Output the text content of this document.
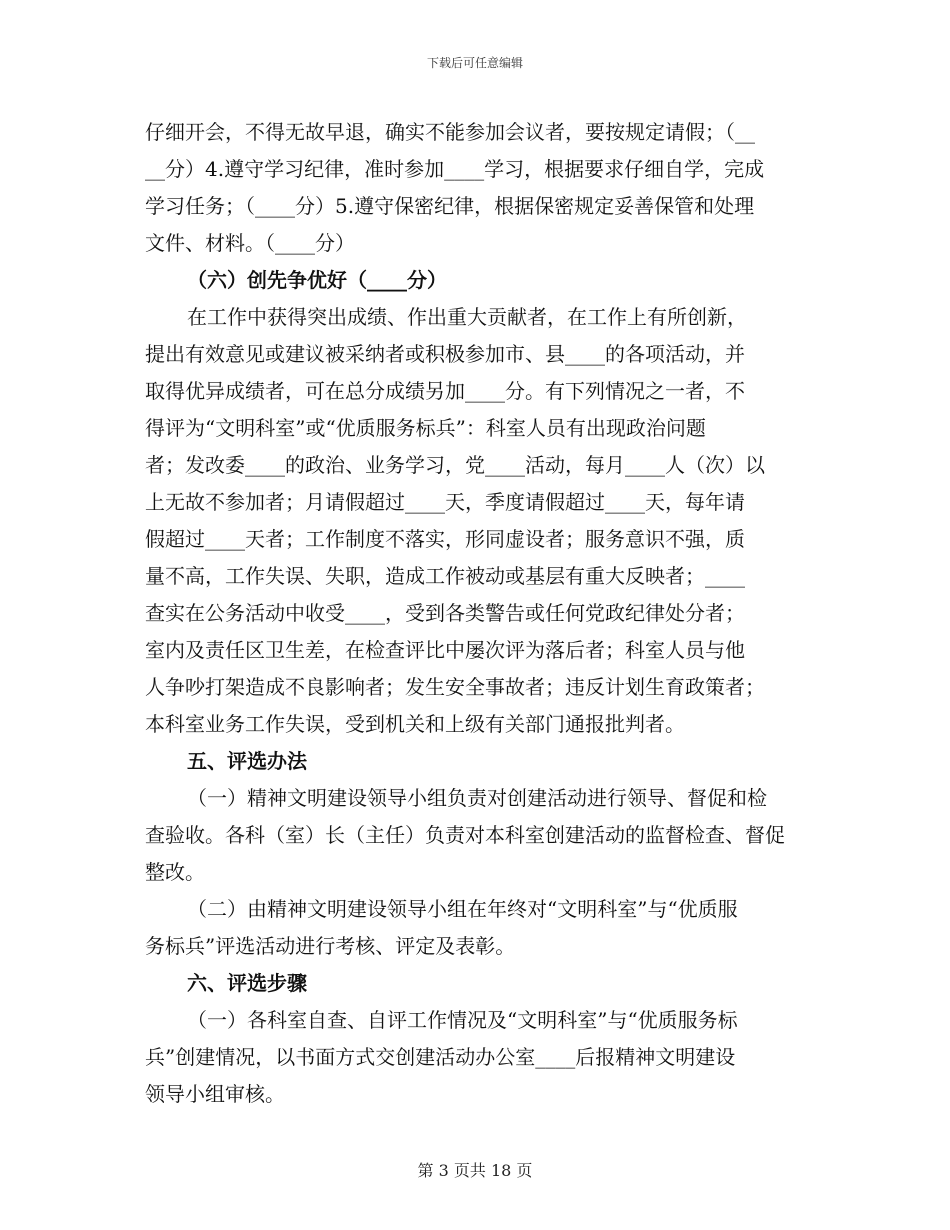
下载后可任意编辑
仔细开会，不得无故早退，确实不能参加会议者，要按规定请假；（__
__分）4.遵守学习纪律，准时参加____学习，根据要求仔细自学，完成
学习任务；（____分）5.遵守保密纪律，根据保密规定妥善保管和处理
文件、材料。（____分）
（六）创先争优好（____分）
在工作中获得突出成绩、作出重大贡献者，在工作上有所创新，
提出有效意见或建议被采纳者或积极参加市、县____的各项活动，并
取得优异成绩者，可在总分成绩另加____分。有下列情况之一者，不
得评为“文明科室”或“优质服务标兵”：科室人员有出现政治问题
者；发改委____的政治、业务学习，党____活动，每月____人（次）以
上无故不参加者；月请假超过____天，季度请假超过____天，每年请
假超过____天者；工作制度不落实，形同虚设者；服务意识不强，质
量不高，工作失误、失职，造成工作被动或基层有重大反映者；____
查实在公务活动中收受____，受到各类警告或任何党政纪律处分者；
室内及责任区卫生差，在检查评比中屡次评为落后者；科室人员与他
人争吵打架造成不良影响者；发生安全事故者；违反计划生育政策者；
本科室业务工作失误，受到机关和上级有关部门通报批判者。
五、评选办法
（一）精神文明建设领导小组负责对创建活动进行领导、督促和检
查验收。各科（室）长（主任）负责对本科室创建活动的监督检查、督促
整改。
（二）由精神文明建设领导小组在年终对“文明科室”与“优质服
务标兵”评选活动进行考核、评定及表彰。
六、评选步骤
（一）各科室自查、自评工作情况及“文明科室”与“优质服务标
兵”创建情况，以书面方式交创建活动办公室____后报精神文明建设
领导小组审核。
第 3 页共 18 页
